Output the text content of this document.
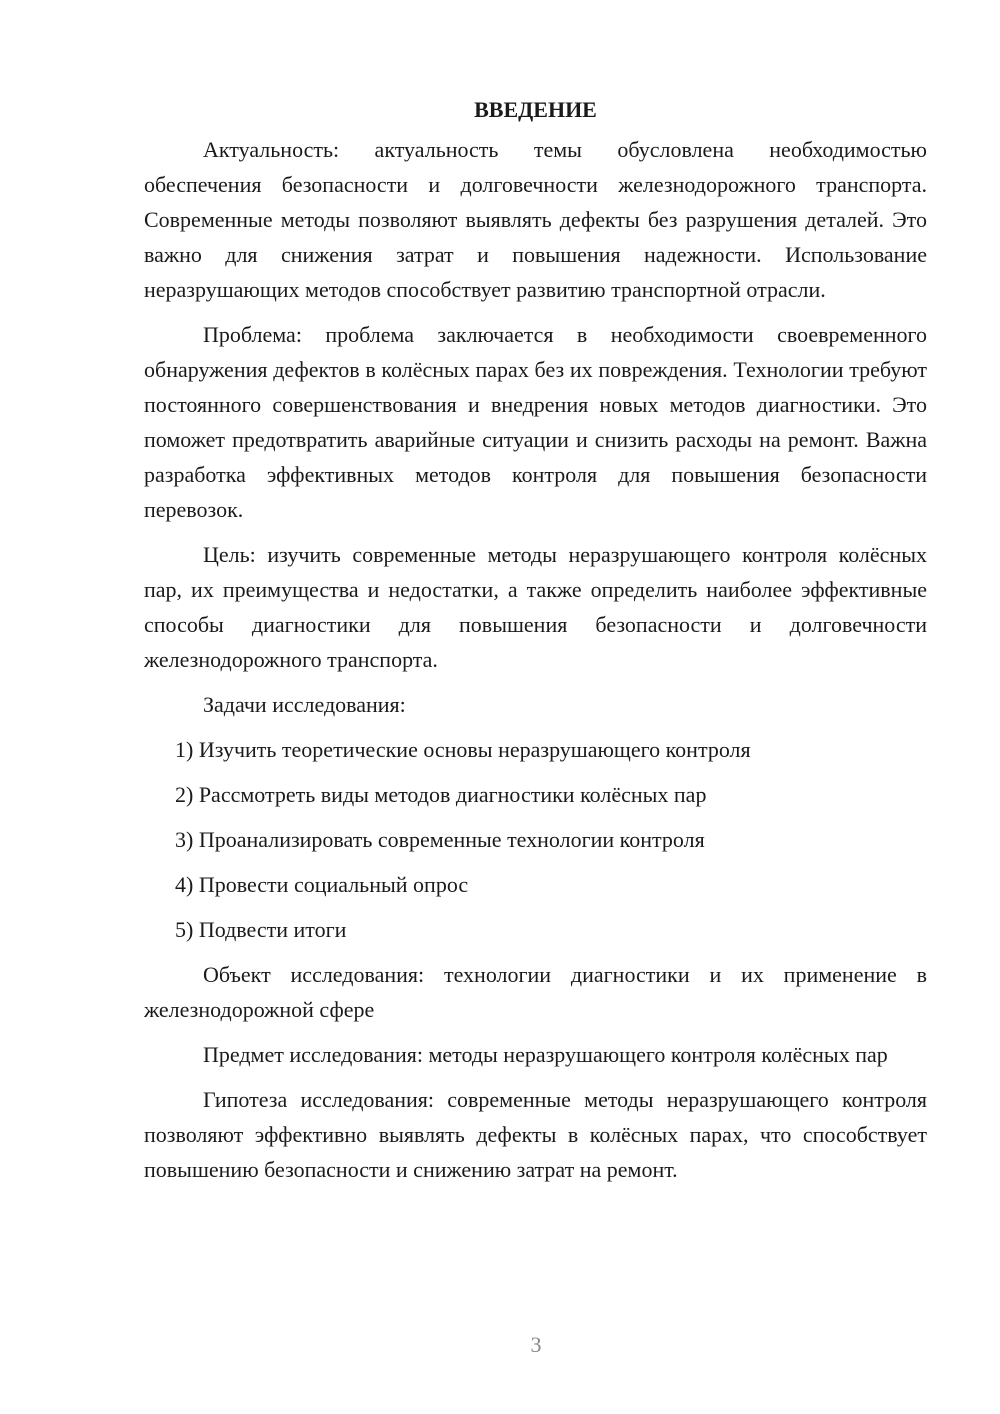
ВВЕДЕНИЕ

Актуальность: актуальность темы обусловлена необходимостью обеспечения безопасности и долговечности железнодорожного транспорта. Современные методы позволяют выявлять дефекты без разрушения деталей. Это важно для снижения затрат и повышения надежности. Использование неразрушающих методов способствует развитию транспортной отрасли.

Проблема: проблема заключается в необходимости своевременного обнаружения дефектов в колёсных парах без их повреждения. Технологии требуют постоянного совершенствования и внедрения новых методов диагностики. Это поможет предотвратить аварийные ситуации и снизить расходы на ремонт. Важна разработка эффективных методов контроля для повышения безопасности перевозок.

Цель: изучить современные методы неразрушающего контроля колёсных пар, их преимущества и недостатки, а также определить наиболее эффективные способы диагностики для повышения безопасности и долговечности железнодорожного транспорта.

Задачи исследования:

1) Изучить теоретические основы неразрушающего контроля

2) Рассмотреть виды методов диагностики колёсных пар

3) Проанализировать современные технологии контроля

4) Провести социальный опрос

5) Подвести итоги

Объект исследования: технологии диагностики и их применение в железнодорожной сфере

Предмет исследования: методы неразрушающего контроля колёсных пар

Гипотеза исследования: современные методы неразрушающего контроля позволяют эффективно выявлять дефекты в колёсных парах, что способствует повышению безопасности и снижению затрат на ремонт.

3
